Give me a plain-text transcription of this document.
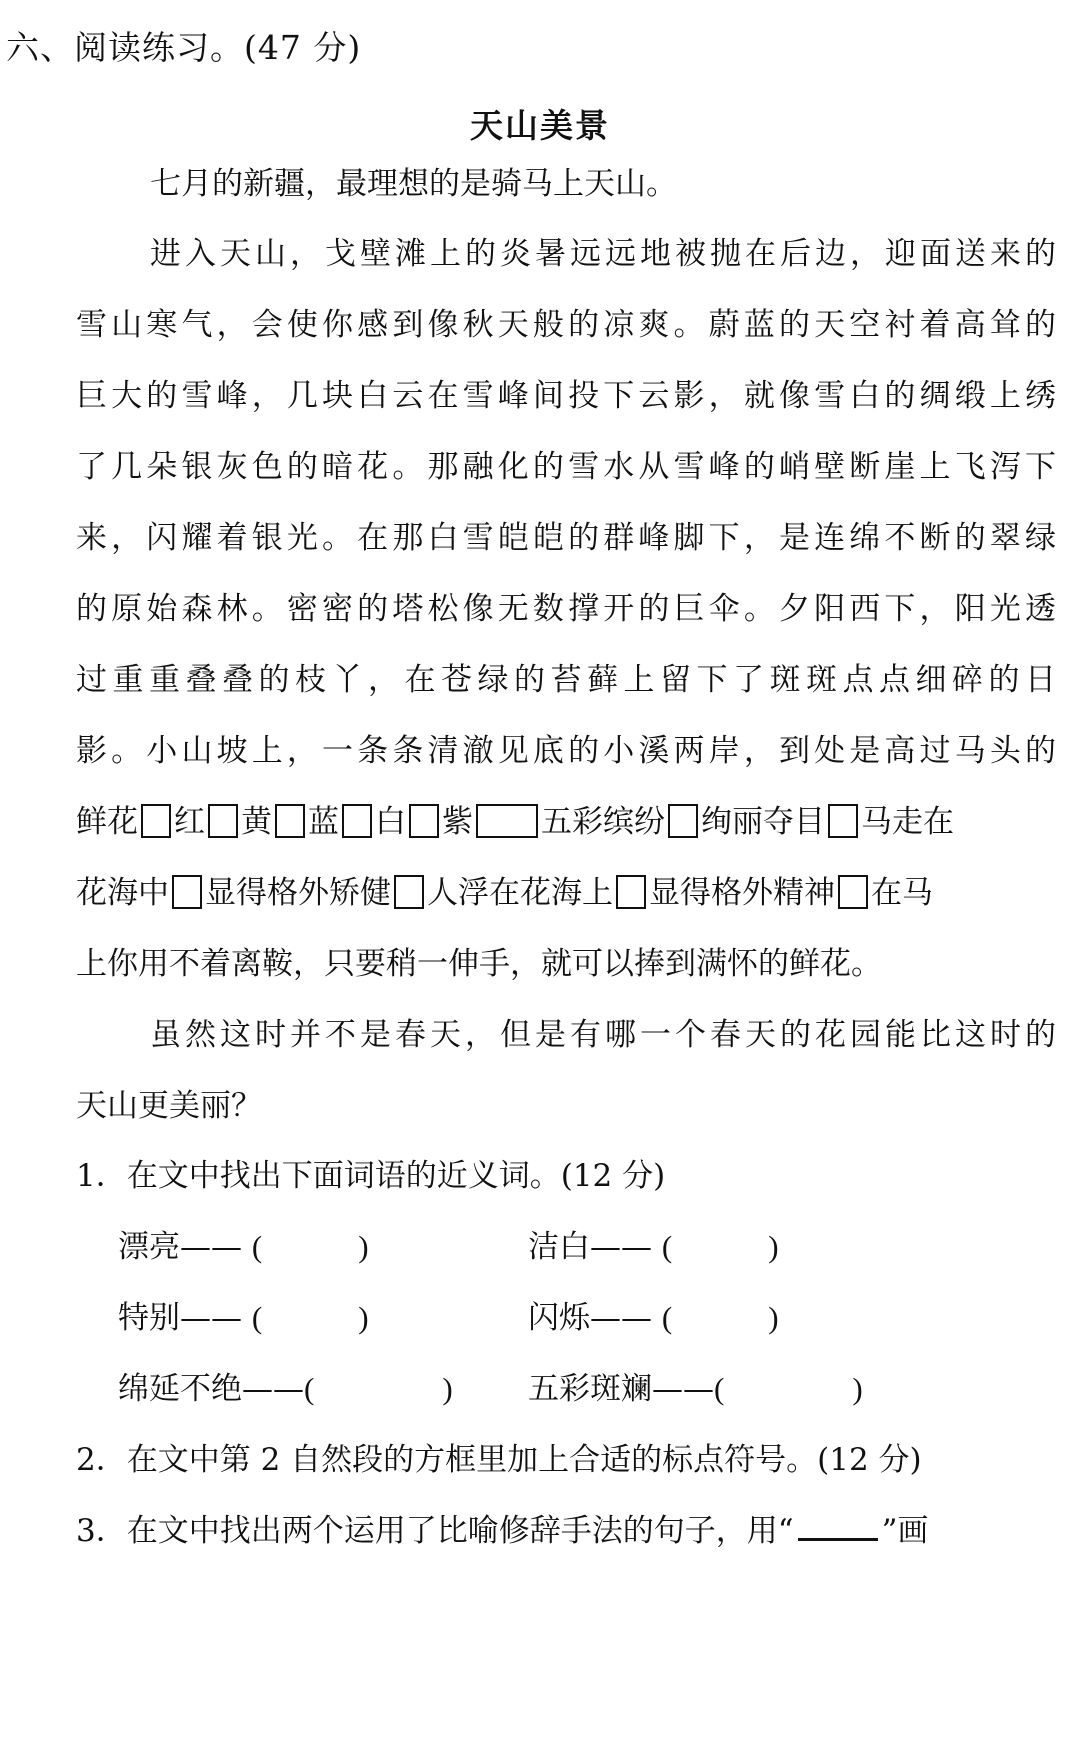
六、阅读练习。(47 分)
天山美景
七月的新疆，最理想的是骑马上天山。
进入天山，戈壁滩上的炎暑远远地被抛在后边，迎面送来的
雪山寒气，会使你感到像秋天般的凉爽。蔚蓝的天空衬着高耸的
巨大的雪峰，几块白云在雪峰间投下云影，就像雪白的绸缎上绣
了几朵银灰色的暗花。那融化的雪水从雪峰的峭壁断崖上飞泻下
来，闪耀着银光。在那白雪皑皑的群峰脚下，是连绵不断的翠绿
的原始森林。密密的塔松像无数撑开的巨伞。夕阳西下，阳光透
过重重叠叠的枝丫，在苍绿的苔藓上留下了斑斑点点细碎的日
影。小山坡上，一条条清澈见底的小溪两岸，到处是高过马头的
鲜花 红 黄 蓝 白 紫 五彩缤纷 绚丽夺目 马走在
花海中 显得格外矫健 人浮在花海上 显得格外精神 在马
上你用不着离鞍，只要稍一伸手，就可以捧到满怀的鲜花。
虽然这时并不是春天，但是有哪一个春天的花园能比这时的
天山更美丽？
1．在文中找出下面词语的近义词。(12 分)
漂亮—— (	)	洁白—— (	)
特别—— (	)	闪烁—— (	)
绵延不绝——(	) 五彩斑斓——(	)
2．在文中第 2 自然段的方框里加上合适的标点符号。(12 分)
3．在文中找出两个运用了比喻修辞手法的句子，用“	”画
